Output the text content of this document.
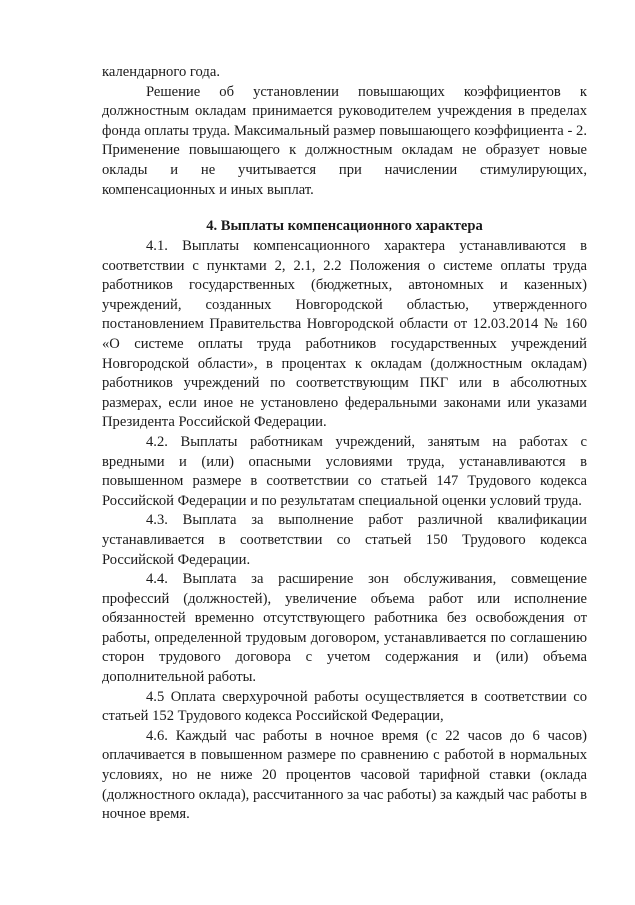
календарного года.

Решение об установлении повышающих коэффициентов к должностным окладам принимается руководителем учреждения в пределах фонда оплаты труда. Максимальный размер повышающего коэффициента - 2. Применение повышающего к должностным окладам не образует новые оклады и не учитывается при начислении стимулирующих, компенсационных и иных выплат.

4. Выплаты компенсационного характера

4.1. Выплаты компенсационного характера устанавливаются в соответствии с пунктами 2, 2.1, 2.2 Положения о системе оплаты труда работников государственных (бюджетных, автономных и казенных) учреждений, созданных Новгородской областью, утвержденного постановлением Правительства Новгородской области от 12.03.2014 № 160 «О системе оплаты труда работников государственных учреждений Новгородской области», в процентах к окладам (должностным окладам) работников учреждений по соответствующим ПКГ или в абсолютных размерах, если иное не установлено федеральными законами или указами Президента Российской Федерации.

4.2. Выплаты работникам учреждений, занятым на работах с вредными и (или) опасными условиями труда, устанавливаются в повышенном размере в соответствии со статьей 147 Трудового кодекса Российской Федерации и по результатам специальной оценки условий труда.

4.3. Выплата за выполнение работ различной квалификации устанавливается в соответствии со статьей 150 Трудового кодекса Российской Федерации.

4.4. Выплата за расширение зон обслуживания, совмещение профессий (должностей), увеличение объема работ или исполнение обязанностей временно отсутствующего работника без освобождения от работы, определенной трудовым договором, устанавливается по соглашению сторон трудового договора с учетом содержания и (или) объема дополнительной работы.

4.5 Оплата сверхурочной работы осуществляется в соответствии со статьей 152 Трудового кодекса Российской Федерации,

4.6. Каждый час работы в ночное время (с 22 часов до 6 часов) оплачивается в повышенном размере по сравнению с работой в нормальных условиях, но не ниже 20 процентов часовой тарифной ставки (оклада (должностного оклада), рассчитанного за час работы) за каждый час работы в ночное время.
